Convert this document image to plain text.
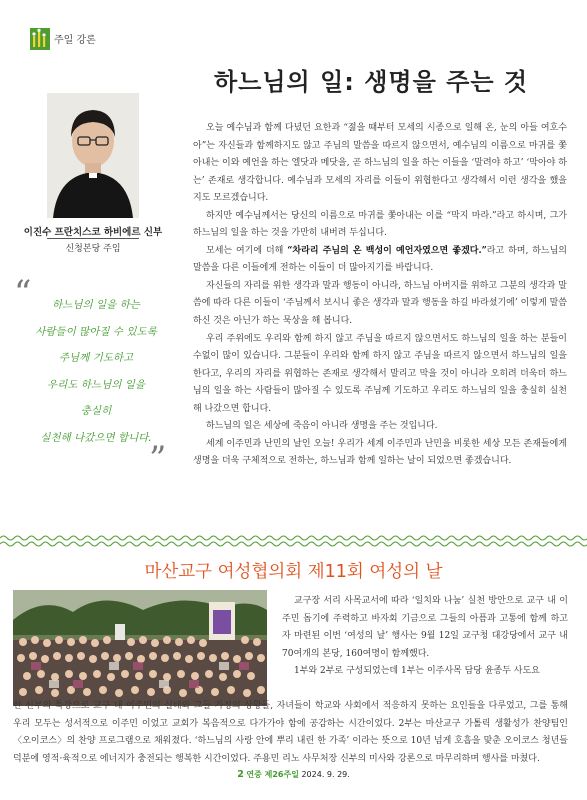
주일 강론
하느님의 일: 생명을 주는 것
이진수 프란치스코 하비에르 신부
신청본당 주임
“	하느님의 일을 하는
사람들이 많아질 수 있도록
주님께 기도하고
우리도 하느님의 일을
충실히
실천해 나갔으면 합니다.
”

오늘 예수님과 함께 다녔던 요한과 “젊을 때부터 모세의 시종으로 일해 온, 눈의 아들 여호수아”는 자신들과 함께하지도 않고 주님의 말씀을 따르지 않으면서, 예수님의 이름으로 마귀를 쫓아내는 이와 예언을 하는 엘닷과 메닷을, 곧 하느님의 일을 하는 이들을 ‘말려야 하고’ ‘막아야 하는’ 존재로 생각합니다. 예수님과 모세의 자리를 이들이 위협한다고 생각해서 이런 생각을 했을지도 모르겠습니다.

하지만 예수님께서는 당신의 이름으로 마귀를 쫓아내는 이를 “막지 마라.”라고 하시며, 그가 하느님의 일을 하는 것을 가만히 내버려 두십니다.

모세는 여기에 더해 “차라리 주님의 온 백성이 예언자였으면 좋겠다.”라고 하며, 하느님의 말씀을 다른 이들에게 전하는 이들이 더 많아지기를 바랍니다.

자신들의 자리를 위한 생각과 말과 행동이 아니라, 하느님 아버지를 위하고 그분의 생각과 말씀에 따라 다른 이들이 ‘주님께서 보시니 좋은 생각과 말과 행동을 하길 바라셨기에’ 이렇게 말씀하신 것은 아닌가 하는 묵상을 해 봅니다.

우리 주위에도 우리와 함께 하지 않고 주님을 따르지 않으면서도 하느님의 일을 하는 분들이 수없이 많이 있습니다. 그분들이 우리와 함께 하지 않고 주님을 따르지 않으면서 하느님의 일을 한다고, 우리의 자리를 위협하는 존재로 생각해서 말리고 막을 것이 아니라 오히려 더욱더 하느님의 일을 하는 사람들이 많아질 수 있도록 주님께 기도하고 우리도 하느님의 일을 충실히 실천해 나갔으면 합니다.

하느님의 일은 세상에 죽음이 아니라 생명을 주는 것입니다.

세계 이주민과 난민의 날인 오늘! 우리가 세계 이주민과 난민을 비롯한 세상 모든 존재들에게 생명을 더욱 구체적으로 전하는, 하느님과 함께 일하는 날이 되었으면 좋겠습니다.

마산교구 여성협의회 제11회 여성의 날

교구장 서리 사목교서에 따라 ‘일치와 나눔’ 실천 방안으로 교구 내 이주민 돕기에 주력하고 바자회 기금으로 그들의 아픔과 고통에 함께 하고자 마련된 이번 ‘여성의 날’ 행사는 9월 12일 교구청 대강당에서 교구 내 70여개의 본당, 160여명이 함께했다.

1부와 2부로 구성되었는데 1부는 이주사목 담당 윤종두 사도요

한 신부의 특강으로 교구 내 이주민의 실태와 그들 가정의 상황들, 자녀들이 학교와 사회에서 적응하지 못하는 요인들을 다루었고, 그를 통해 우리 모두는 성서적으로 이주민 이었고 교회가 복음적으로 다가가야 함에 공감하는 시간이었다. 2부는 마산교구 가톨릭 생활성가 찬양팀인 〈오이코스〉의 찬양 프로그램으로 채워졌다. ‘하느님의 사랑 안에 뿌리 내린 한 가족’ 이라는 뜻으로 10년 넘게 호흡을 맞춘 오이코스 청년들 덕분에 영적·육적으로 에너지가 충전되는 행복한 시간이었다. 주용민 리노 사무처장 신부의 미사와 강론으로 마무리하며 행사를 마쳤다.

2 연중 제26주일 2024. 9. 29.
